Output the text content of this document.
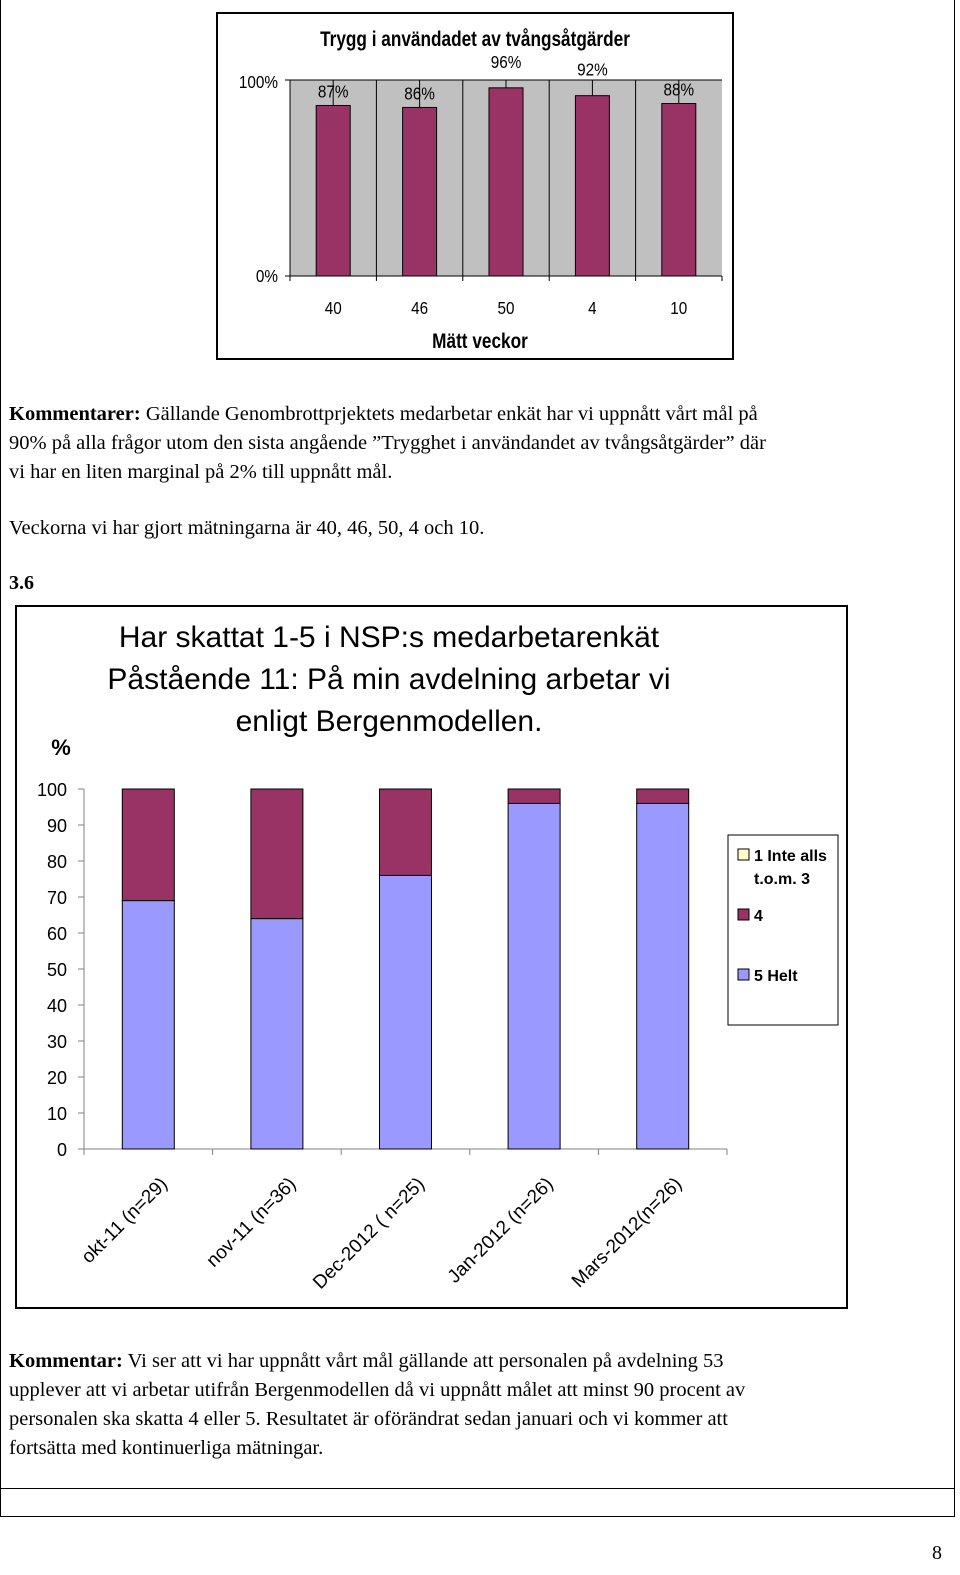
Trygg i användadet av tvångsåtgärder
Mätt veckor
100%
0%
87%
40
86%
46
96%
50
92%
4
88%
10

Kommentarer: Gällande Genombrottprjektets medarbetar enkät har vi uppnått vårt mål på
90% på alla frågor utom den sista angående ”Trygghet i användandet av tvångsåtgärder” där
vi har en liten marginal på 2% till uppnått mål.

Veckorna vi har gjort mätningarna är 40, 46, 50, 4 och 10.

3.6
Har skattat 1-5 i NSP:s medarbetarenkät
Påstående 11: På min avdelning arbetar vi
enligt Bergenmodellen.
%
100
90
80
70
60
50
40
30
20
10
0
okt-11 (n=29) nov-11 (n=36) Dec-2012 ( n=25) Jan-2012 (n=26) Mars-2012(n=26)
1 Inte alls
t.o.m. 3
4
5 Helt

Kommentar: Vi ser att vi har uppnått vårt mål gällande att personalen på avdelning 53
upplever att vi arbetar utifrån Bergenmodellen då vi uppnått målet att minst 90 procent av
personalen ska skatta 4 eller 5. Resultatet är oförändrat sedan januari och vi kommer att
fortsätta med kontinuerliga mätningar.

8
